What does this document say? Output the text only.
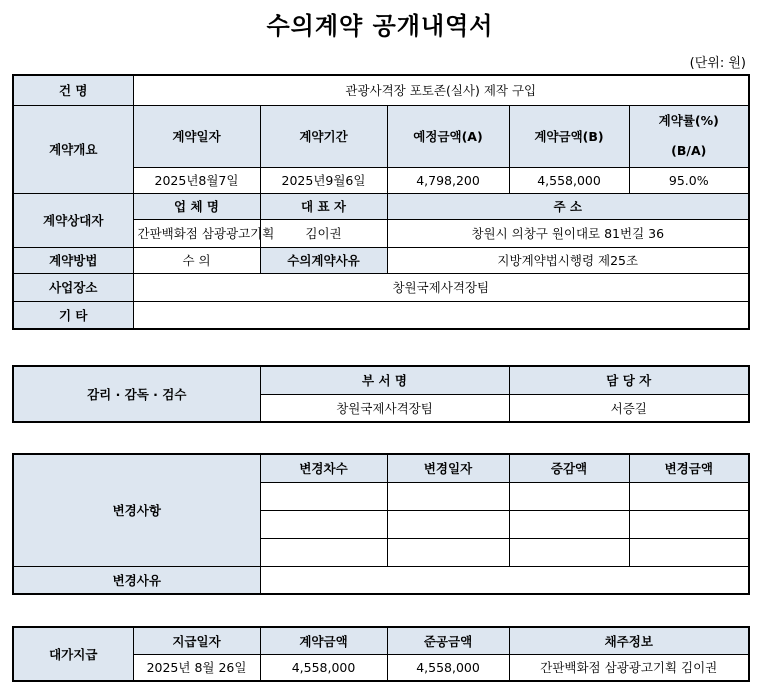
수의계약 공개내역서
(단위: 원)
건 명	관광사격장 포토존(실사) 제작 구입				
계약개요	계약일자	계약기간	예정금액(A)	계약금액(B)	계약률(%)
(B/A)

	2025년8월7일	2025년9월6일	4,798,200	4,558,000	95.0%
계약상대자	업 체 명	대 표 자	주 소		
	간판백화점 삼광광고기획	김이권	창원시 의창구 원이대로 81번길 36		
계약방법	수 의	수의계약사유	지방계약법시행령 제25조		
사업장소	창원국제사격장팀				
기 타					
감리 · 감독 · 검수	부 서 명	담 당 자
	창원국제사격장팀	서증길
변경사항	변경차수	변경일자	증감액	변경금액

변경사유				
대가지급	지급일자	계약금액	준공금액	채주정보
	2025년 8월 26일	4,558,000	4,558,000	간판백화점 삼광광고기획 김이권
